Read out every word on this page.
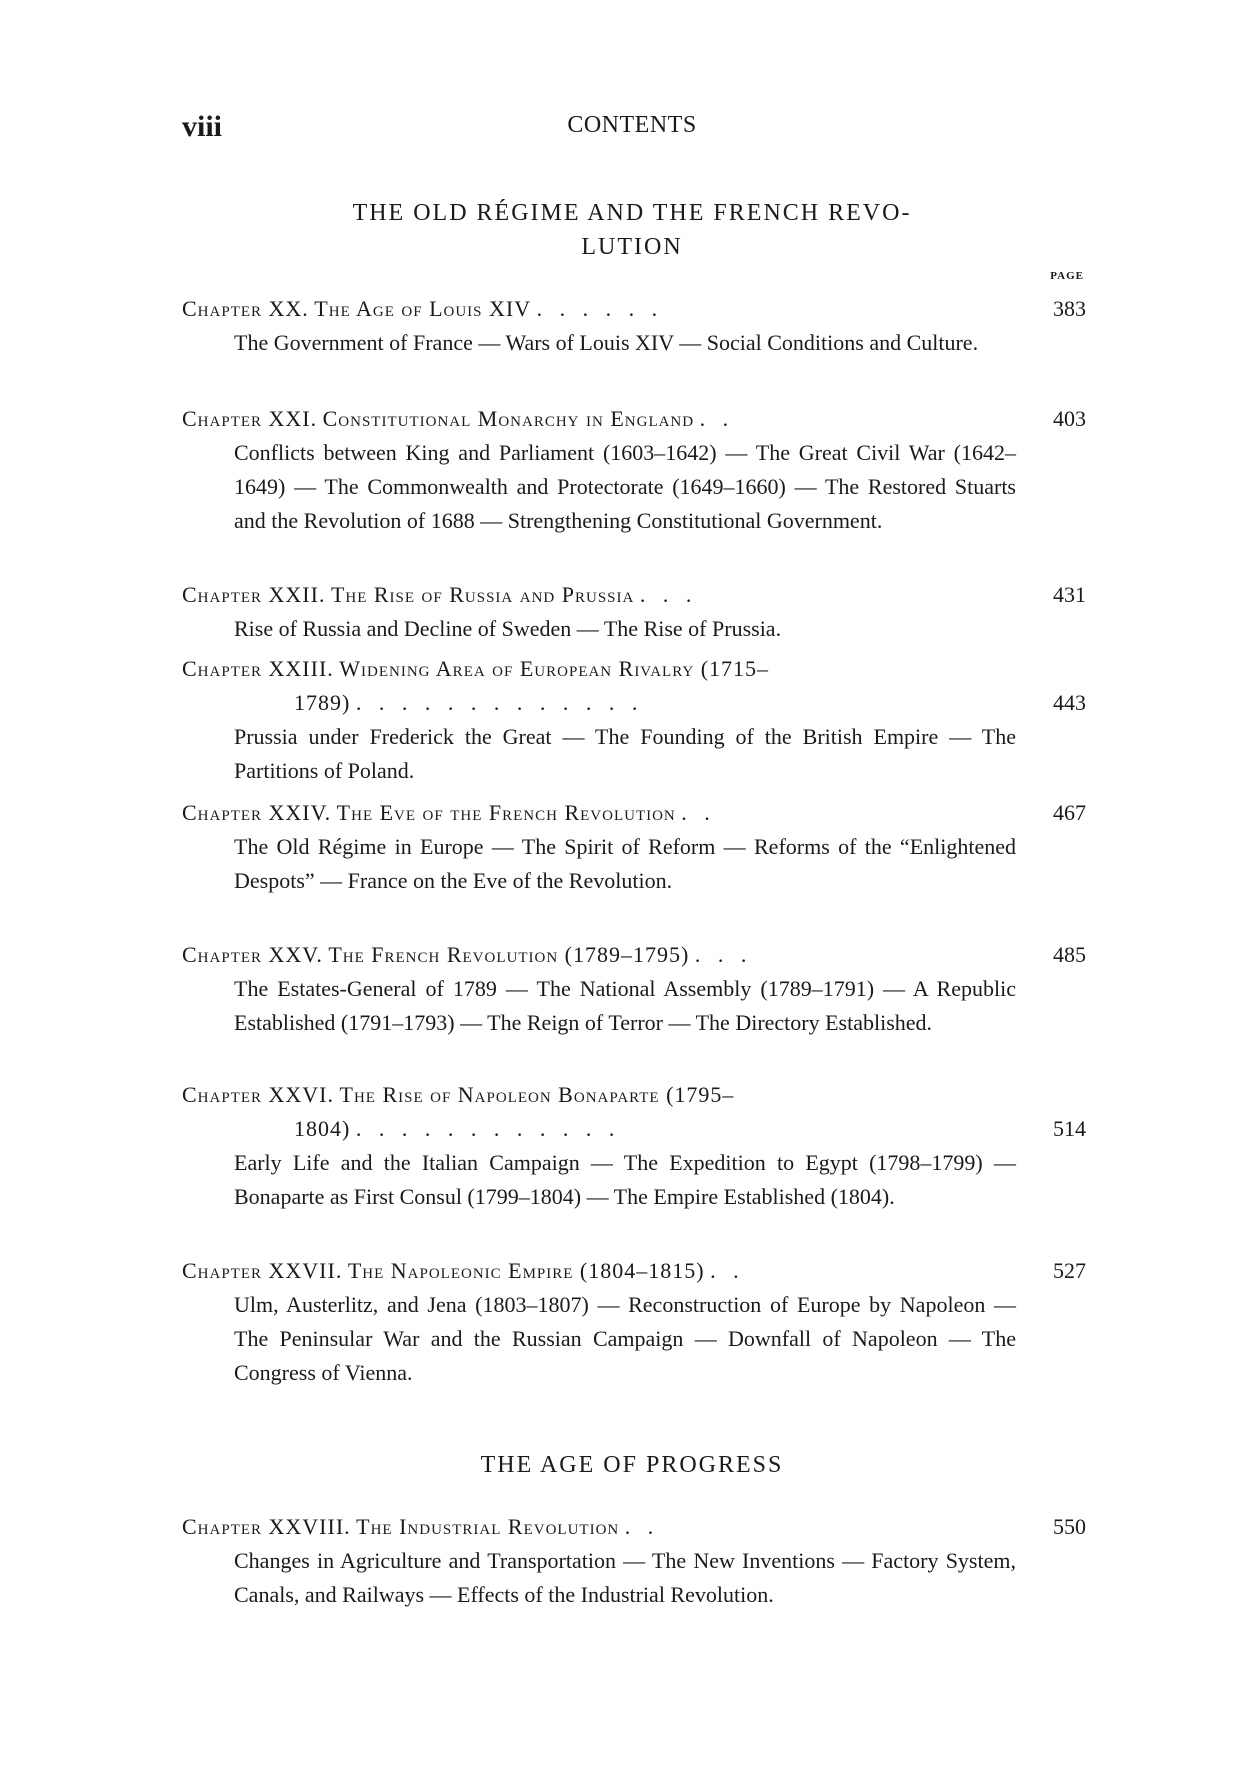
viii	CONTENTS
THE OLD RÉGIME AND THE FRENCH REVO-
LUTION
PAGE
Chapter XX. The Age of Louis XIV . . . . . .	383
The Government of France — Wars of Louis XIV — Social Conditions and Culture.
Chapter XXI. Constitutional Monarchy in England . .	403
Conflicts between King and Parliament (1603–1642) — The Great Civil War (1642–1649) — The Commonwealth and Protectorate (1649–1660) — The Restored Stuarts and the Revolution of 1688 — Strengthening Constitutional Government.
Chapter XXII. The Rise of Russia and Prussia . . .	431
Rise of Russia and Decline of Sweden — The Rise of Prussia.
Chapter XXIII. Widening Area of European Rivalry (1715–
1789) . . . . . . . . . . . . .	443
Prussia under Frederick the Great — The Founding of the British Empire — The Partitions of Poland.
Chapter XXIV. The Eve of the French Revolution . .	467
The Old Régime in Europe — The Spirit of Reform — Reforms of the “Enlightened Despots” — France on the Eve of the Revolution.
Chapter XXV. The French Revolution (1789–1795) . . .	485
The Estates-General of 1789 — The National Assembly (1789–1791) — A Republic Established (1791–1793) — The Reign of Terror — The Directory Established.
Chapter XXVI. The Rise of Napoleon Bonaparte (1795–
1804) . . . . . . . . . . . .	514
Early Life and the Italian Campaign — The Expedition to Egypt (1798–1799) — Bonaparte as First Consul (1799–1804) — The Empire Established (1804).
Chapter XXVII. The Napoleonic Empire (1804–1815) . .	527
Ulm, Austerlitz, and Jena (1803–1807) — Reconstruction of Europe by Napoleon — The Peninsular War and the Russian Campaign — Downfall of Napoleon — The Congress of Vienna.
THE AGE OF PROGRESS
Chapter XXVIII. The Industrial Revolution . .	550
Changes in Agriculture and Transportation — The New Inventions — Factory System, Canals, and Railways — Effects of the Industrial Revolution.
